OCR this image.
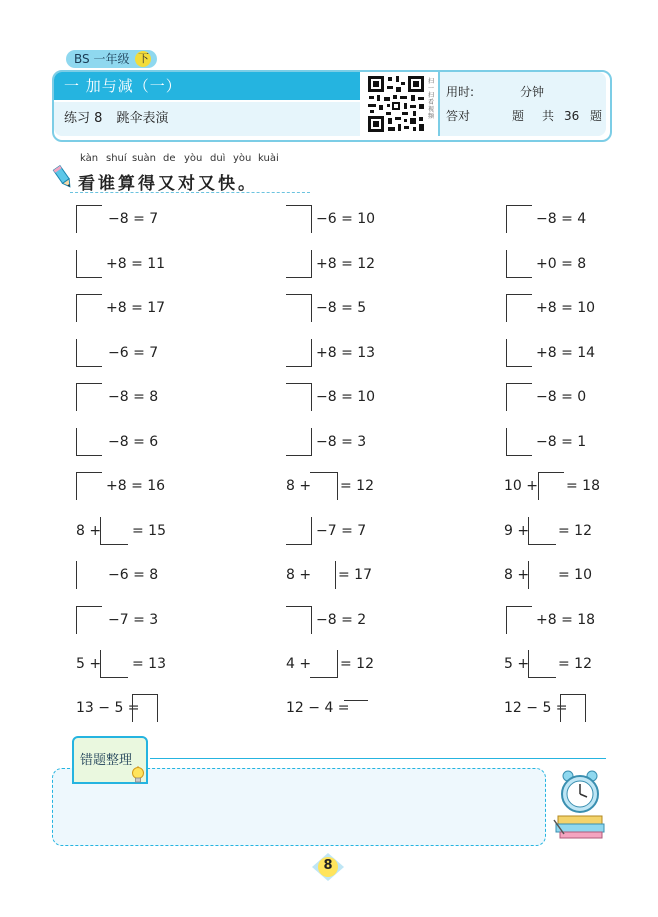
BS 一年级 下
一 加与减（一）
练习 8 跳伞表演
扫一扫看视频
用时:	分钟
答对	题 共 36 题
kàn shuí suàn de yòu duì yòu kuài
看谁算得又对又快。
−8 = 7
+8 = 11
+8 = 17
−6 = 7
−8 = 8
−8 = 6
+8 = 16
8 + = 15
−6 = 8
−7 = 3
5 + = 13
13 − 5 =
−6 = 10
+8 = 12
−8 = 5
+8 = 13
−8 = 10
−8 = 3
8 + = 12
−7 = 7
8 + = 17
−8 = 2
4 + = 12
12 − 4 =
−8 = 4
+0 = 8
+8 = 10
+8 = 14
−8 = 0
−8 = 1
10 + = 18
9 + = 12
8 + = 10
+8 = 18
5 + = 12
12 − 5 =
错题整理
8
